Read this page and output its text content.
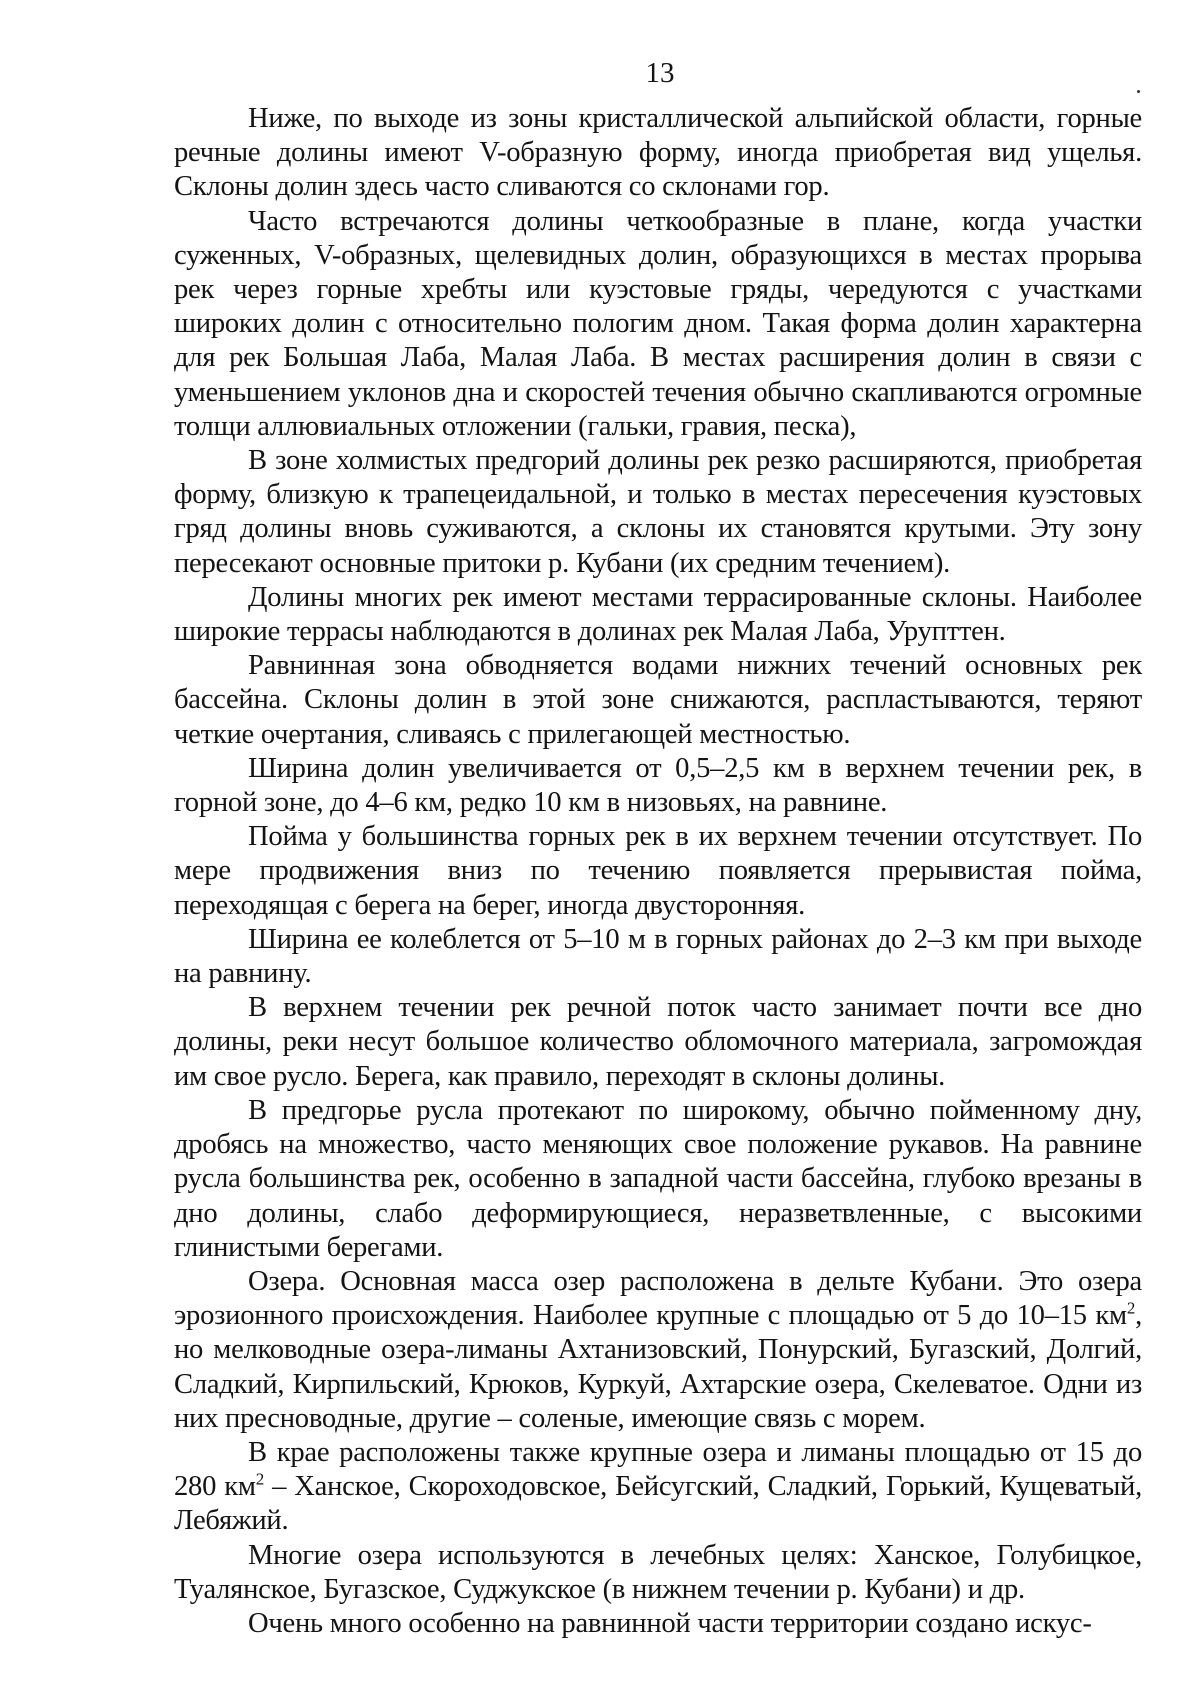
13

Ниже, по выходе из зоны кристаллической альпийской области, горные речные долины имеют V-образную форму, иногда приобретая вид ущелья. Склоны долин здесь часто сливаются со склонами гор.

Часто встречаются долины четкообразные в плане, когда участки суженных, V-образных, щелевидных долин, образующихся в местах прорыва рек через горные хребты или куэстовые гряды, чередуются с участками широких долин с относительно пологим дном. Такая форма долин характерна для рек Большая Лаба, Малая Лаба. В местах расширения долин в связи с уменьшением уклонов дна и скоростей течения обычно скапливаются огромные толщи аллювиальных отложении (гальки, гравия, песка),

В зоне холмистых предгорий долины рек резко расширяются, приобретая форму, близкую к трапецеидальной, и только в местах пересечения куэстовых гряд долины вновь суживаются, а склоны их становятся крутыми. Эту зону пересекают основные притоки р. Кубани (их средним течением).

Долины многих рек имеют местами террасированные склоны. Наиболее широкие террасы наблюдаются в долинах рек Малая Лаба, Урупттен.

Равнинная зона обводняется водами нижних течений основных рек бассейна. Склоны долин в этой зоне снижаются, распластываются, теряют четкие очертания, сливаясь с прилегающей местностью.

Ширина долин увеличивается от 0,5–2,5 км в верхнем течении рек, в горной зоне, до 4–6 км, редко 10 км в низовьях, на равнине.

Пойма у большинства горных рек в их верхнем течении отсутствует. По мере продвижения вниз по течению появляется прерывистая пойма, переходящая с берега на берег, иногда двусторонняя.

Ширина ее колеблется от 5–10 м в горных районах до 2–3 км при выходе на равнину.

В верхнем течении рек речной поток часто занимает почти все дно долины, реки несут большое количество обломочного материала, загромождая им свое русло. Берега, как правило, переходят в склоны долины.

В предгорье русла протекают по широкому, обычно пойменному дну, дробясь на множество, часто меняющих свое положение рукавов. На равнине русла большинства рек, особенно в западной части бассейна, глубоко врезаны в дно долины, слабо деформирующиеся, неразветвленные, с высокими глинистыми берегами.

Озера. Основная масса озер расположена в дельте Кубани. Это озера эрозионного происхождения. Наиболее крупные с площадью от 5 до 10–15 $км^2$, но мелководные озера-лиманы Ахтанизовский, Понурский, Бугазский, Долгий, Сладкий, Кирпильский, Крюков, Куркуй, Ахтарские озера, Скелеватое. Одни из них пресноводные, другие – соленые, имеющие связь с морем.

В крае расположены также крупные озера и лиманы площадью от 15 до 280 $км^2$ – Ханское, Скороходовское, Бейсугский, Сладкий, Горький, Кущеватый, Лебяжий.

Многие озера используются в лечебных целях: Ханское, Голубицкое, Туалянское, Бугазское, Суджукское (в нижнем течении р. Кубани) и др.

Очень много особенно на равнинной части территории создано искус-
